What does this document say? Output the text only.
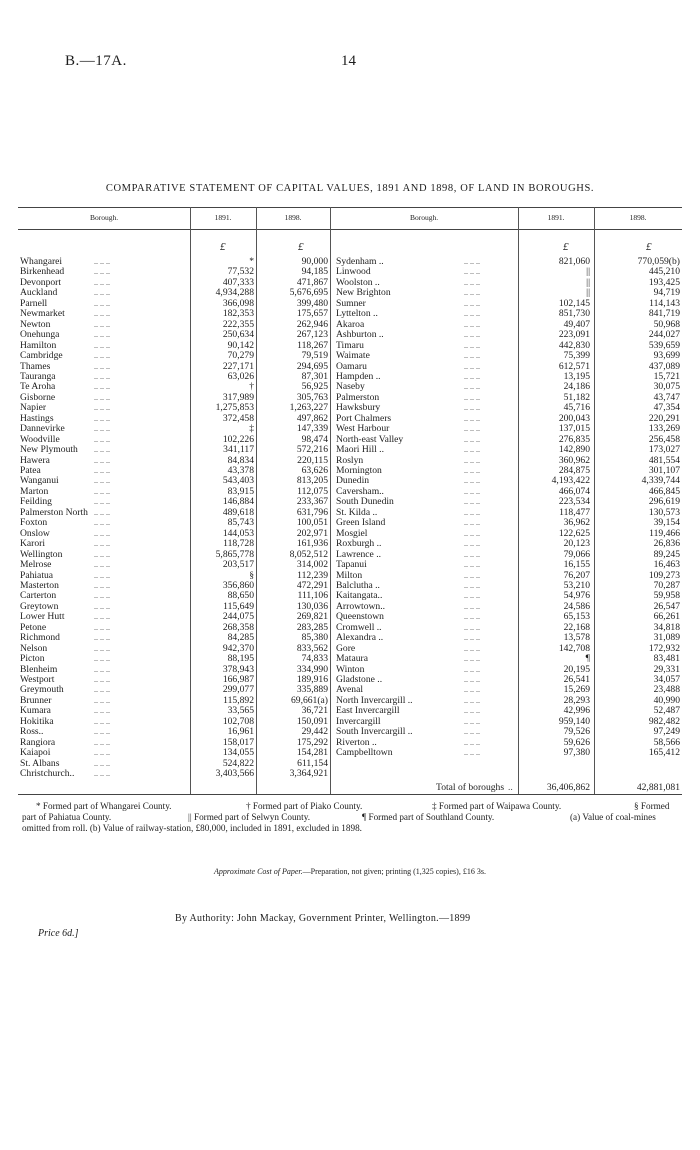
B.—17A.	14
COMPARATIVE STATEMENT OF CAPITAL VALUES, 1891 AND 1898, OF LAND IN BOROUGHS.
Borough.	1891.	1898.	Borough.	1891.	1898.
£	£	£	£
Whangarei	.. .. ..	*	90,000
Birkenhead	.. .. ..	77,532	94,185
Devonport	.. .. ..	407,333	471,867
Auckland	.. .. ..	4,934,288	5,676,695
Parnell	.. .. ..	366,098	399,480
Newmarket	.. .. ..	182,353	175,657
Newton	.. .. ..	222,355	262,946
Onehunga	.. .. ..	250,634	267,123
Hamilton	.. .. ..	90,142	118,267
Cambridge	.. .. ..	70,279	79,519
Thames	.. .. ..	227,171	294,695
Tauranga	.. .. ..	63,026	87,301
Te Aroha	.. .. ..	†	56,925
Gisborne	.. .. ..	317,989	305,763
Napier	.. .. ..	1,275,853	1,263,227
Hastings	.. .. ..	372,458	497,862
Dannevirke	.. .. ..	‡	147,339
Woodville	.. .. ..	102,226	98,474
New Plymouth .. .. ..	341,117	572,216
Hawera	.. .. ..	84,834	220,115
Patea	.. .. ..	43,378	63,626
Wanganui	.. .. ..	543,403	813,205
Marton	.. .. ..	83,915	112,075
Feilding	.. .. ..	146,884	233,367
Palmerston North .. .. ..	489,618	631,796
Foxton	.. .. ..	85,743	100,051
Onslow	.. .. ..	144,053	202,971
Karori	.. .. ..	118,728	161,936
Wellington	.. .. ..	5,865,778	8,052,512
Melrose	.. .. ..	203,517	314,002
Pahiatua	.. .. ..	§	112,239
Masterton	.. .. ..	356,860	472,291
Carterton	.. .. ..	88,650	111,106
Greytown	.. .. ..	115,649	130,036
Lower Hutt	.. .. ..	244,075	269,821
Petone	.. .. ..	268,358	283,285
Richmond	.. .. ..	84,285	85,380
Nelson	.. .. ..	942,370	833,562
Picton	.. .. ..	88,195	74,833
Blenheim	.. .. ..	378,943	334,990
Westport	.. .. ..	166,987	189,916
Greymouth	.. .. ..	299,077	335,889
Brunner	.. .. ..	115,892	69,661(a)
Kumara	.. .. ..	33,565	36,721
Hokitika	.. .. ..	102,708	150,091
Ross..	.. .. ..	16,961	29,442
Rangiora	.. .. ..	158,017	175,292
Kaiapoi	.. .. ..	134,055	154,281
St. Albans	.. .. ..	524,822	611,154
Christchurch.. .. .. ..	3,403,566	3,364,921
Sydenham ..	.. .. ..	821,060	770,059(b)
Linwood	.. .. ..	||	445,210
Woolston ..	.. .. ..	||	193,425
New Brighton	.. .. ..	||	94,719
Sumner	.. .. ..	102,145	114,143
Lyttelton ..	.. .. ..	851,730	841,719
Akaroa	.. .. ..	49,407	50,968
Ashburton ..	.. .. ..	223,091	244,027
Timaru	.. .. ..	442,830	539,659
Waimate	.. .. ..	75,399	93,699
Oamaru	.. .. ..	612,571	437,089
Hampden ..	.. .. ..	13,195	15,721
Naseby	.. .. ..	24,186	30,075
Palmerston	.. .. ..	51,182	43,747
Hawksbury	.. .. ..	45,716	47,354
Port Chalmers	.. .. ..	200,043	220,291
West Harbour	.. .. ..	137,015	133,269
North-east Valley	.. .. ..	276,835	256,458
Maori Hill ..	.. .. ..	142,890	173,027
Roslyn	.. .. ..	360,962	481,554
Mornington	.. .. ..	284,875	301,107
Dunedin	.. .. ..	4,193,422	4,339,744
Caversham..	.. .. ..	466,074	466,845
South Dunedin	.. .. ..	223,534	296,619
St. Kilda ..	.. .. ..	118,477	130,573
Green Island	.. .. ..	36,962	39,154
Mosgiel	.. .. ..	122,625	119,466
Roxburgh ..	.. .. ..	20,123	26,836
Lawrence ..	.. .. ..	79,066	89,245
Tapanui	.. .. ..	16,155	16,463
Milton	.. .. ..	76,207	109,273
Balclutha ..	.. .. ..	53,210	70,287
Kaitangata..	.. .. ..	54,976	59,958
Arrowtown..	.. .. ..	24,586	26,547
Queenstown	.. .. ..	65,153	66,261
Cromwell ..	.. .. ..	22,168	34,818
Alexandra ..	.. .. ..	13,578	31,089
Gore	.. .. ..	142,708	172,932
Mataura	.. .. ..	¶	83,481
Winton	.. .. ..	20,195	29,331
Gladstone ..	.. .. ..	26,541	34,057
Avenal	.. .. ..	15,269	23,488
North Invercargill ..	.. .. ..	28,293	40,990
East Invercargill	.. .. ..	42,996	52,487
Invercargill	.. .. ..	959,140	982,482
South Invercargill ..	.. .. ..	79,526	97,249
Riverton ..	.. .. ..	59,626	58,566
Campbelltown	.. .. ..	97,380	165,412
Total of boroughs ..	36,406,862	42,881,081
* Formed part of Whangarei County.	† Formed part of Piako County.	‡ Formed part of Waipawa County.	§ Formed
part of Pahiatua County.	|| Formed part of Selwyn County.	¶ Formed part of Southland County.	(a) Value of coal-mines
omitted from roll. (b) Value of railway-station, £80,000, included in 1891, excluded in 1898.
Approximate Cost of Paper.—Preparation, not given; printing (1,325 copies), £16 3s.
By Authority: John Mackay, Government Printer, Wellington.—1899
Price 6d.]
